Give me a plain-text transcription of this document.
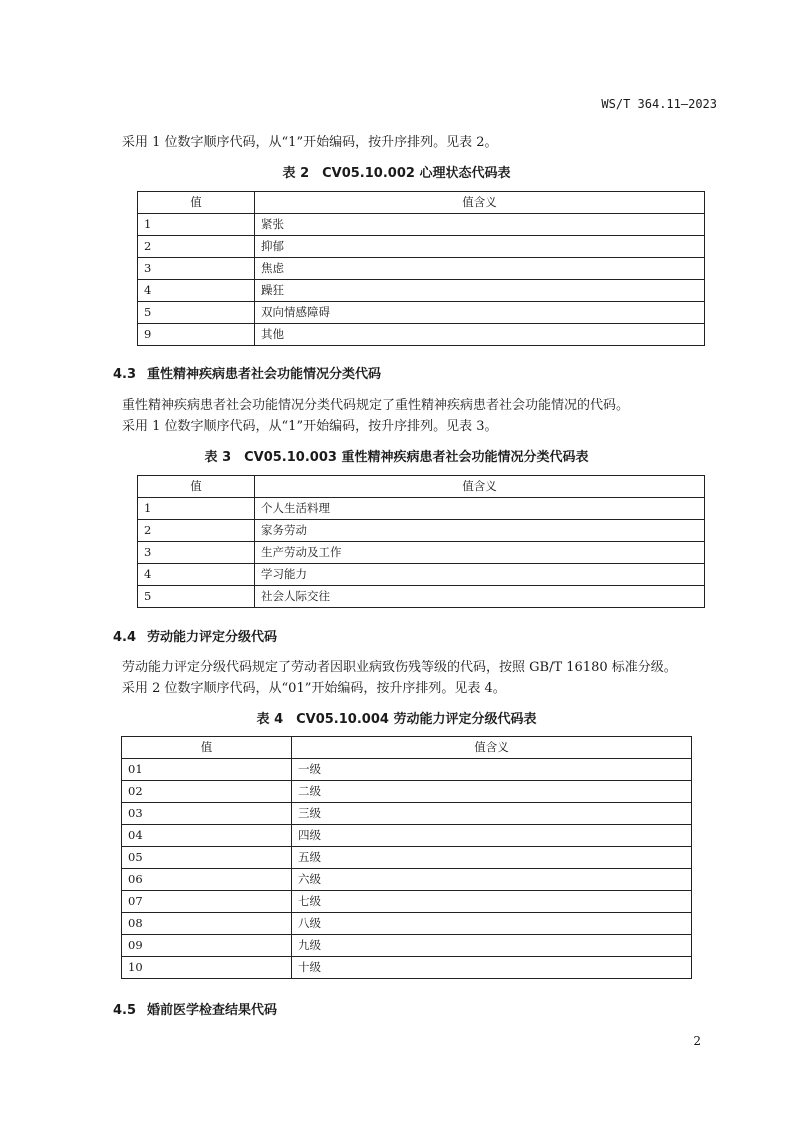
WS/T 364.11—2023
采用 1 位数字顺序代码，从“1”开始编码，按升序排列。见表 2。
表 2　CV05.10.002 心理状态代码表
值	值含义
1	紧张
2	抑郁
3	焦虑
4	躁狂
5	双向情感障碍
9	其他
4.3 重性精神疾病患者社会功能情况分类代码
重性精神疾病患者社会功能情况分类代码规定了重性精神疾病患者社会功能情况的代码。
采用 1 位数字顺序代码，从“1”开始编码，按升序排列。见表 3。
表 3　CV05.10.003 重性精神疾病患者社会功能情况分类代码表
值	值含义
1	个人生活料理
2	家务劳动
3	生产劳动及工作
4	学习能力
5	社会人际交往
4.4 劳动能力评定分级代码
劳动能力评定分级代码规定了劳动者因职业病致伤残等级的代码，按照 GB/T 16180 标准分级。
采用 2 位数字顺序代码，从“01”开始编码，按升序排列。见表 4。
表 4　CV05.10.004 劳动能力评定分级代码表
值	值含义
01	一级
02	二级
03	三级
04	四级
05	五级
06	六级
07	七级
08	八级
09	九级
10	十级
4.5 婚前医学检查结果代码
2
